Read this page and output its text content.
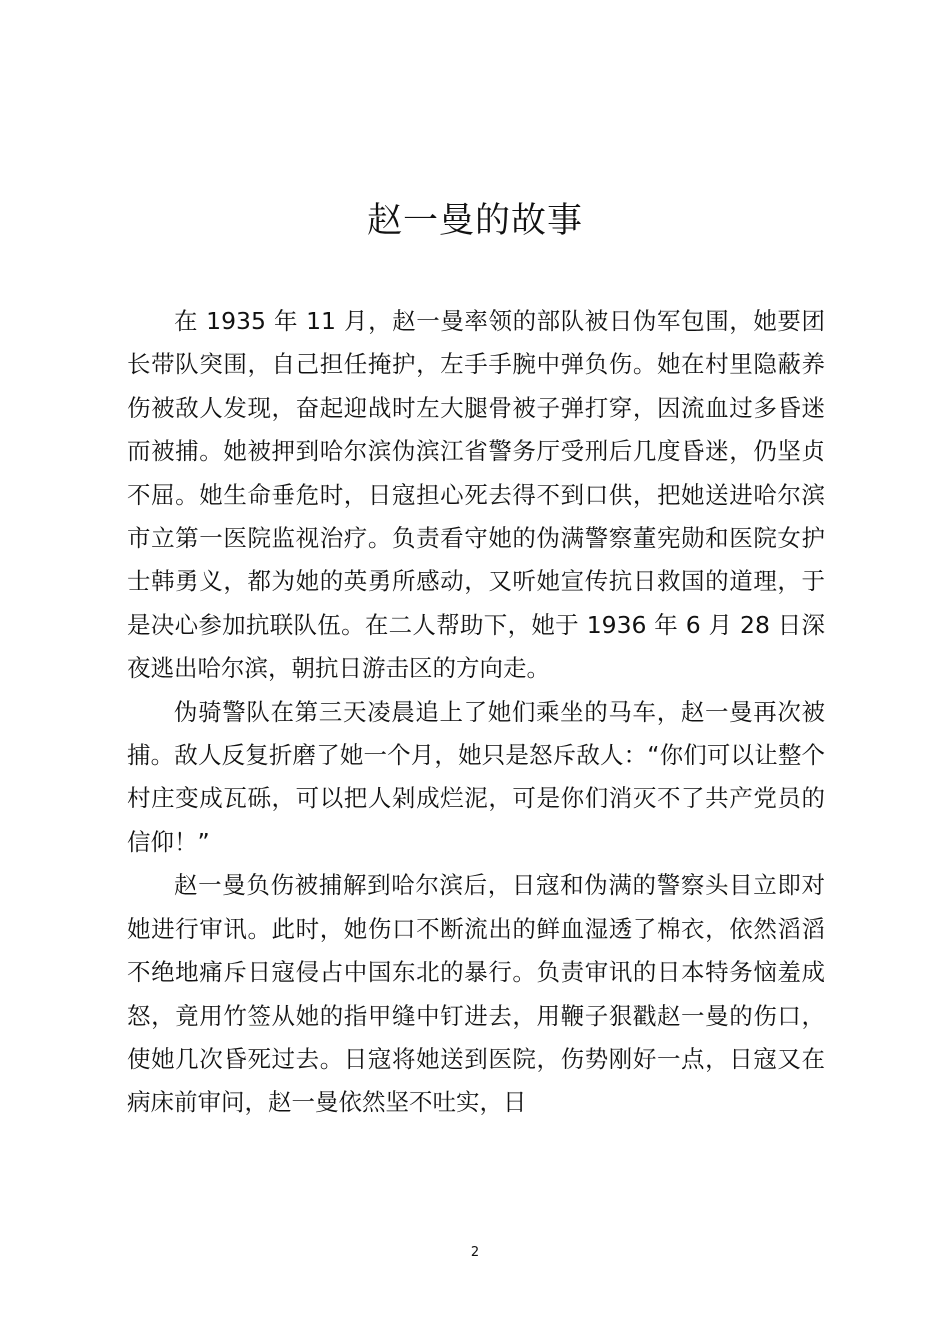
赵一曼的故事

在 1935 年 11 月，赵一曼率领的部队被日伪军包围，她要团长带队突围，自己担任掩护，左手手腕中弹负伤。她在村里隐蔽养伤被敌人发现，奋起迎战时左大腿骨被子弹打穿，因流血过多昏迷而被捕。她被押到哈尔滨伪滨江省警务厅受刑后几度昏迷，仍坚贞不屈。她生命垂危时，日寇担心死去得不到口供，把她送进哈尔滨市立第一医院监视治疗。负责看守她的伪满警察董宪勋和医院女护士韩勇义，都为她的英勇所感动，又听她宣传抗日救国的道理，于是决心参加抗联队伍。在二人帮助下，她于 1936 年 6 月 28 日深夜逃出哈尔滨，朝抗日游击区的方向走。

伪骑警队在第三天凌晨追上了她们乘坐的马车，赵一曼再次被捕。敌人反复折磨了她一个月，她只是怒斥敌人：“你们可以让整个村庄变成瓦砾，可以把人剁成烂泥，可是你们消灭不了共产党员的信仰！”

赵一曼负伤被捕解到哈尔滨后，日寇和伪满的警察头目立即对她进行审讯。此时，她伤口不断流出的鲜血湿透了棉衣，依然滔滔不绝地痛斥日寇侵占中国东北的暴行。负责审讯的日本特务恼羞成怒，竟用竹签从她的指甲缝中钉进去，用鞭子狠戳赵一曼的伤口，使她几次昏死过去。日寇将她送到医院，伤势刚好一点，日寇又在病床前审问，赵一曼依然坚不吐实，日

2
